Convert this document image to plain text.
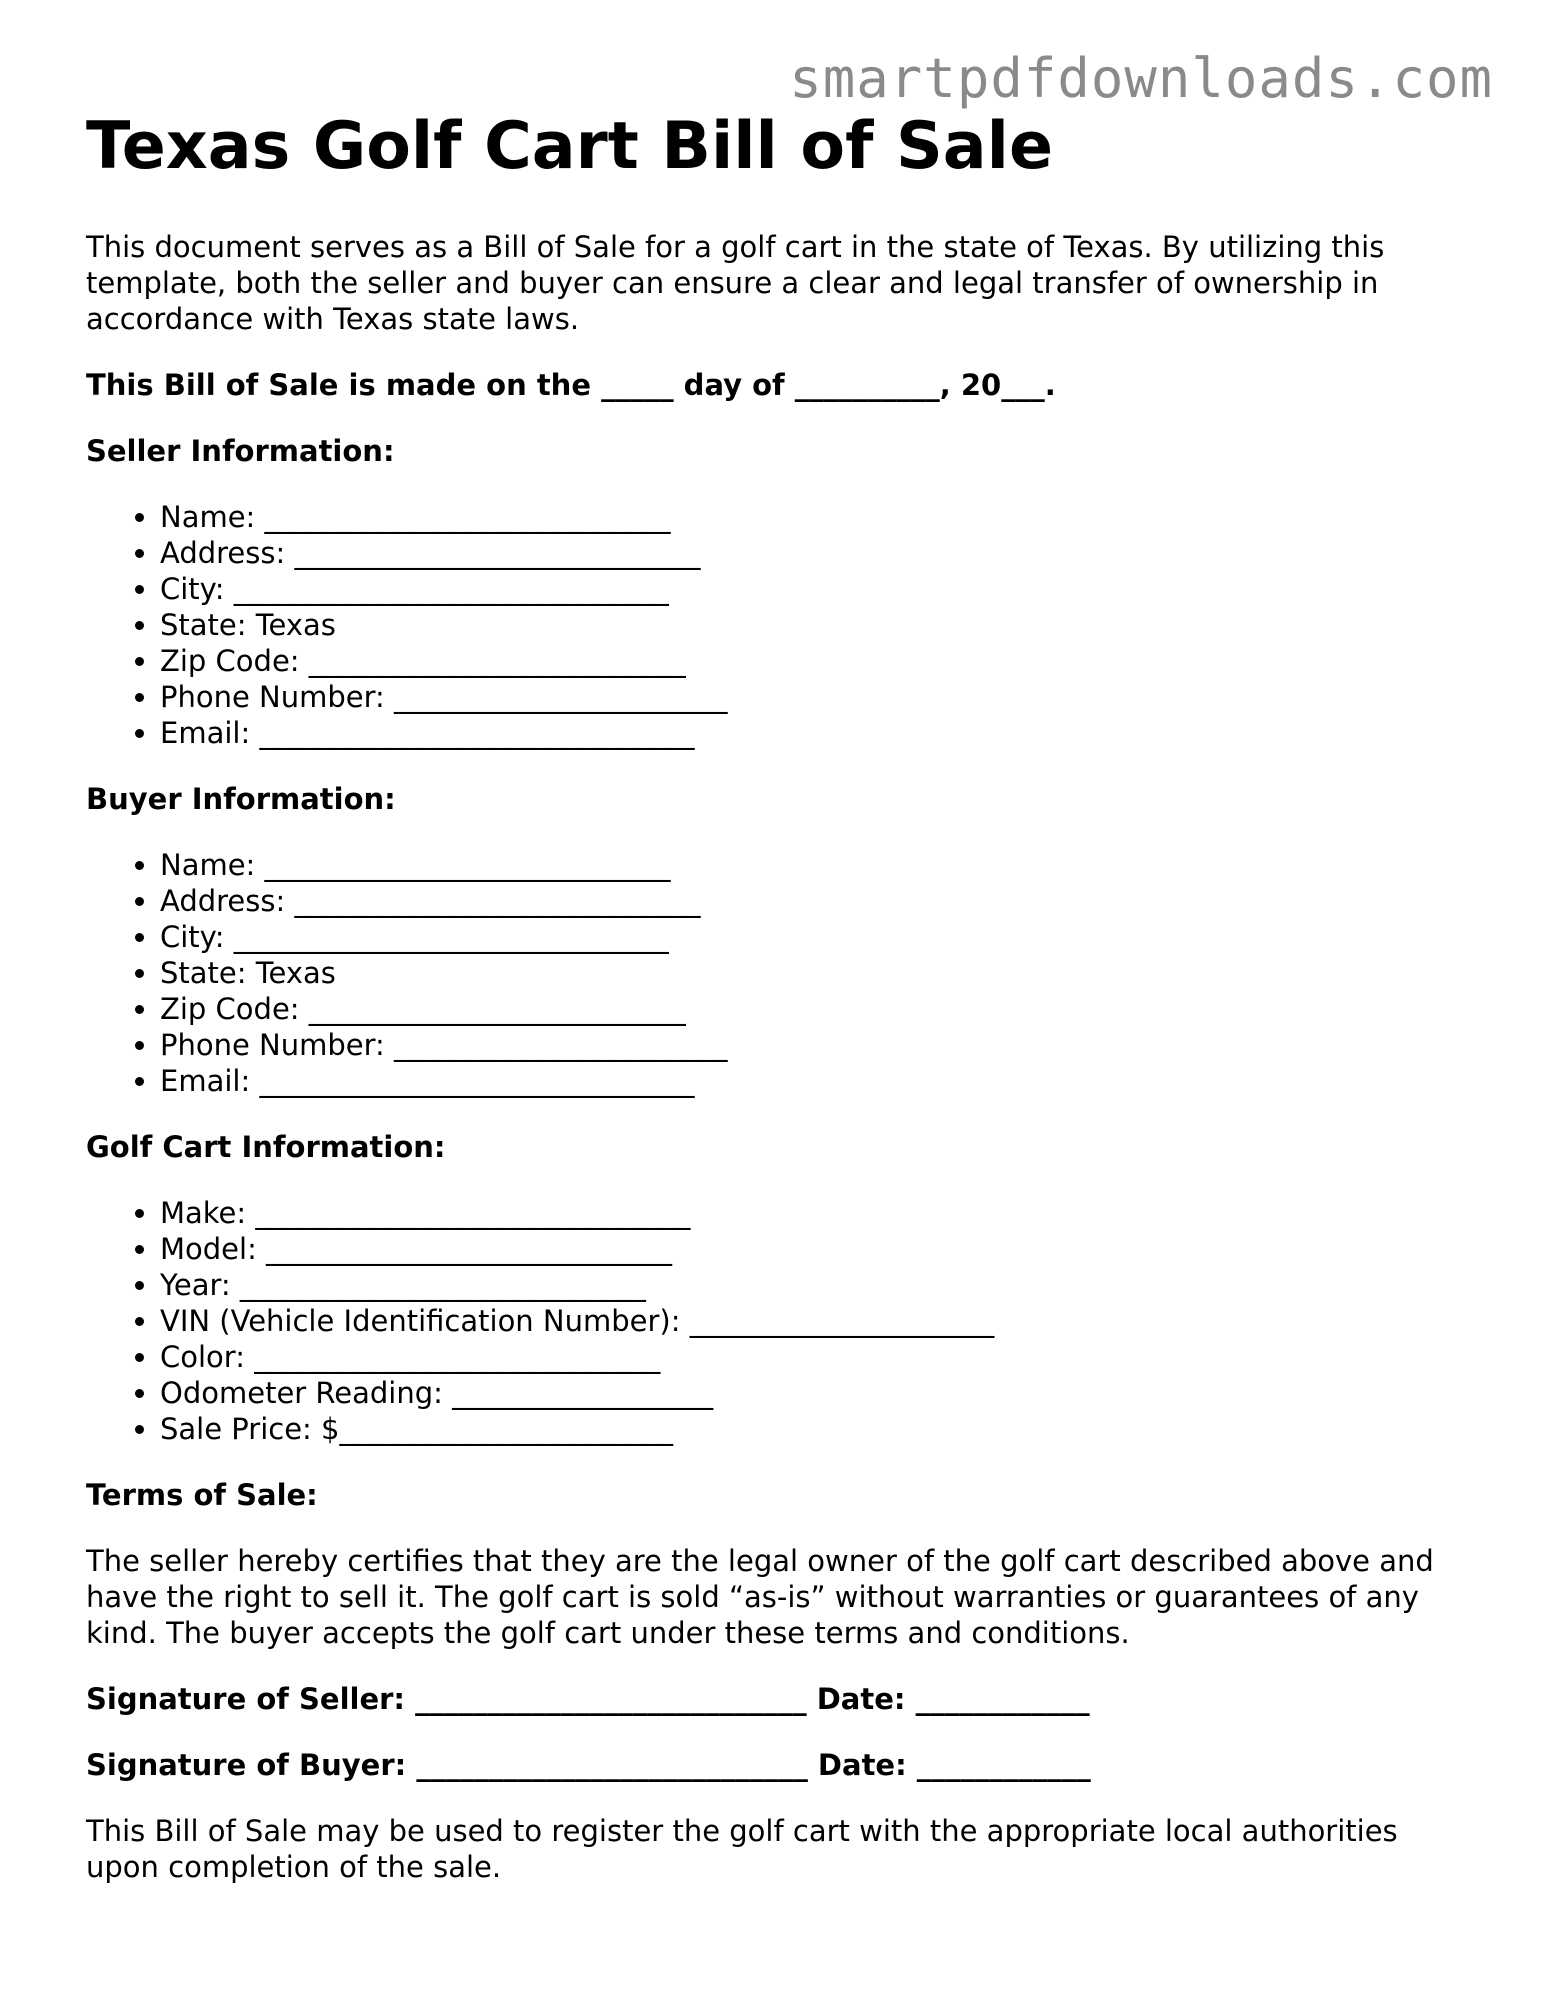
smartpdfdownloads.com
Texas Golf Cart Bill of Sale

This document serves as a Bill of Sale for a golf cart in the state of Texas. By utilizing this template, both the seller and buyer can ensure a clear and legal transfer of ownership in accordance with Texas state laws.

This Bill of Sale is made on the _____ day of __________, 20___.

Seller Information:

• Name: ____________________________
• Address: ____________________________
• City: ______________________________
• State: Texas
• Zip Code: __________________________
• Phone Number: _______________________
• Email: ______________________________

Buyer Information:

• Name: ____________________________
• Address: ____________________________
• City: ______________________________
• State: Texas
• Zip Code: __________________________
• Phone Number: _______________________
• Email: ______________________________

Golf Cart Information:

• Make: ______________________________
• Model: ____________________________
• Year: ____________________________
• VIN (Vehicle Identification Number): _____________________
• Color: ____________________________
• Odometer Reading: __________________
• Sale Price: $_______________________

Terms of Sale:

The seller hereby certifies that they are the legal owner of the golf cart described above and have the right to sell it. The golf cart is sold “as-is” without warranties or guarantees of any kind. The buyer accepts the golf cart under these terms and conditions.

Signature of Seller: ___________________________ Date: ____________

Signature of Buyer: ___________________________ Date: ____________

This Bill of Sale may be used to register the golf cart with the appropriate local authorities upon completion of the sale.
